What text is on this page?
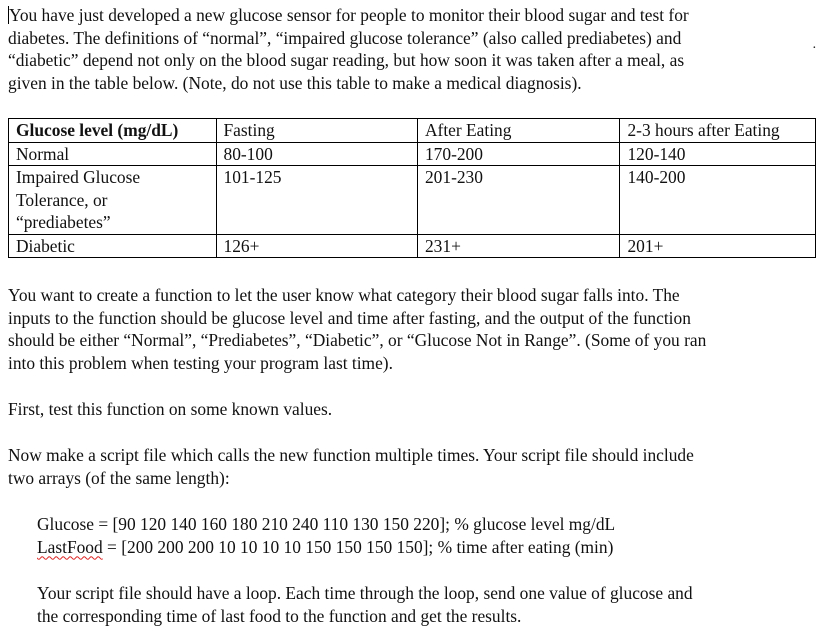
You have just developed a new glucose sensor for people to monitor their blood sugar and test for
diabetes. The definitions of “normal”, “impaired glucose tolerance” (also called prediabetes) and
“diabetic” depend not only on the blood sugar reading, but how soon it was taken after a meal, as
given in the table below. (Note, do not use this table to make a medical diagnosis).

·
Glucose level (mg/dL)	Fasting	After Eating	2-3 hours after Eating
Normal	80-100	170-200	120-140
Impaired Glucose
Tolerance, or
“prediabetes”	101-125	201-230	140-200
Diabetic	126+	231+	201+

You want to create a function to let the user know what category their blood sugar falls into. The
inputs to the function should be glucose level and time after fasting, and the output of the function
should be either “Normal”, “Prediabetes”, “Diabetic”, or “Glucose Not in Range”. (Some of you ran
into this problem when testing your program last time).

First, test this function on some known values.

Now make a script file which calls the new function multiple times. Your script file should include
two arrays (of the same length):

Glucose = [90 120 140 160 180 210 240 110 130 150 220]; % glucose level mg/dL
LastFood = [200 200 200 10 10 10 10 150 150 150 150]; % time after eating (min)

Your script file should have a loop. Each time through the loop, send one value of glucose and
the corresponding time of last food to the function and get the results.
